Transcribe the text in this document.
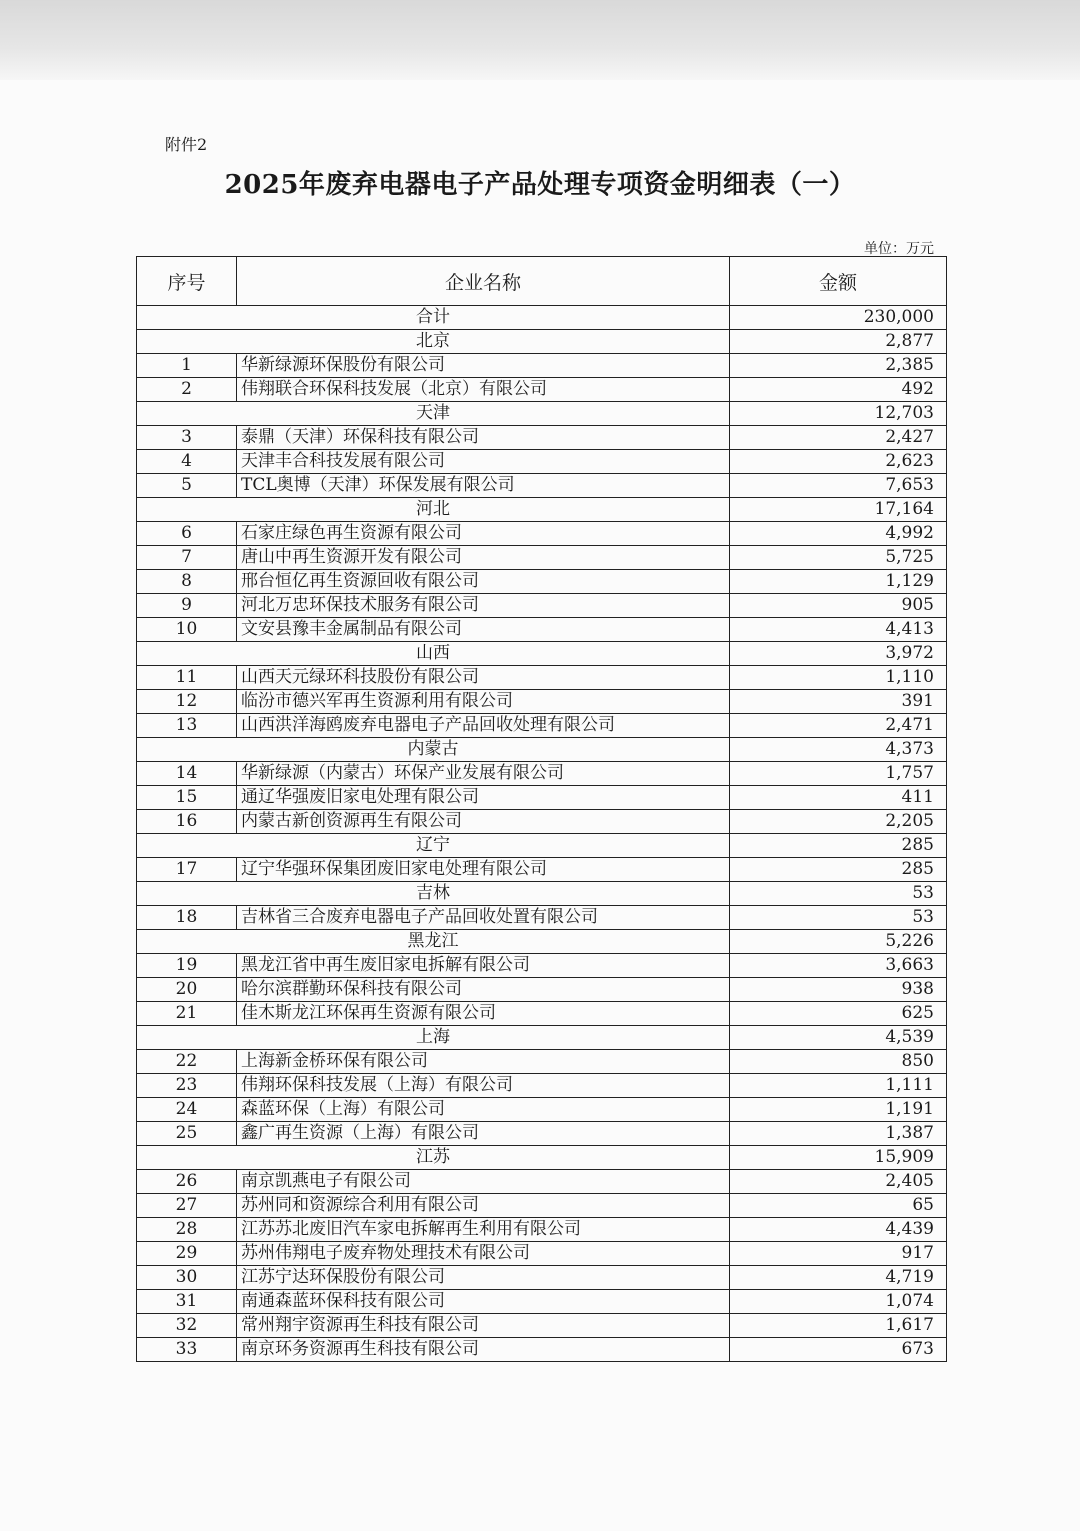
附件2
2025年废弃电器电子产品处理专项资金明细表（一）
单位：万元
序号	企业名称	金额
合计		230,000
北京		2,877
1	华新绿源环保股份有限公司	2,385
2	伟翔联合环保科技发展（北京）有限公司	492
天津		12,703
3	泰鼎（天津）环保科技有限公司	2,427
4	天津丰合科技发展有限公司	2,623
5	TCL奥博（天津）环保发展有限公司	7,653
河北		17,164
6	石家庄绿色再生资源有限公司	4,992
7	唐山中再生资源开发有限公司	5,725
8	邢台恒亿再生资源回收有限公司	1,129
9	河北万忠环保技术服务有限公司	905
10	文安县豫丰金属制品有限公司	4,413
山西		3,972
11	山西天元绿环科技股份有限公司	1,110
12	临汾市德兴军再生资源利用有限公司	391
13	山西洪洋海鸥废弃电器电子产品回收处理有限公司	2,471
内蒙古		4,373
14	华新绿源（内蒙古）环保产业发展有限公司	1,757
15	通辽华强废旧家电处理有限公司	411
16	内蒙古新创资源再生有限公司	2,205
辽宁		285
17	辽宁华强环保集团废旧家电处理有限公司	285
吉林		53
18	吉林省三合废弃电器电子产品回收处置有限公司	53
黑龙江		5,226
19	黑龙江省中再生废旧家电拆解有限公司	3,663
20	哈尔滨群勤环保科技有限公司	938
21	佳木斯龙江环保再生资源有限公司	625
上海		4,539
22	上海新金桥环保有限公司	850
23	伟翔环保科技发展（上海）有限公司	1,111
24	森蓝环保（上海）有限公司	1,191
25	鑫广再生资源（上海）有限公司	1,387
江苏		15,909
26	南京凯燕电子有限公司	2,405
27	苏州同和资源综合利用有限公司	65
28	江苏苏北废旧汽车家电拆解再生利用有限公司	4,439
29	苏州伟翔电子废弃物处理技术有限公司	917
30	江苏宁达环保股份有限公司	4,719
31	南通森蓝环保科技有限公司	1,074
32	常州翔宇资源再生科技有限公司	1,617
33	南京环务资源再生科技有限公司	673
